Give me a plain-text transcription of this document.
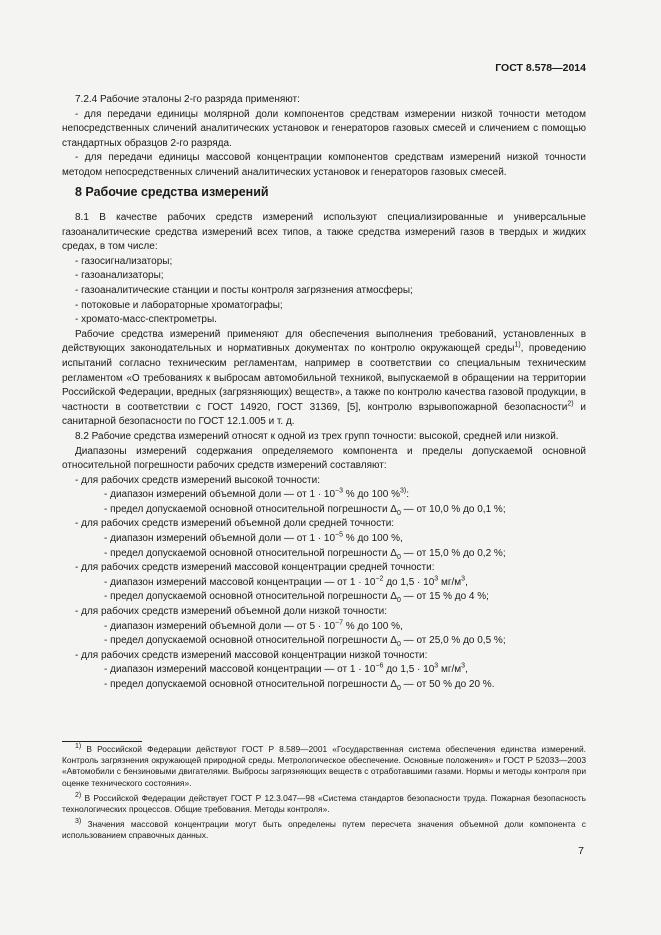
ГОСТ 8.578—2014

7.2.4 Рабочие эталоны 2-го разряда применяют:

- для передачи единицы молярной доли компонентов средствам измерении низкой точности методом непосредственных сличений аналитических установок и генераторов газовых смесей и сличением с помощью стандартных образцов 2-го разряда.

- для передачи единицы массовой концентрации компонентов средствам измерений низкой точности методом непосредственных сличений аналитических установок и генераторов газовых смесей.

8 Рабочие средства измерений

8.1 В качестве рабочих средств измерений используют специализированные и универсальные газоаналитические средства измерений всех типов, а также средства измерений газов в твердых и жидких средах, в том числе:

- газосигнализаторы;

- газоанализаторы;

- газоаналитические станции и посты контроля загрязнения атмосферы;

- потоковые и лабораторные хроматографы;

- хромато-масс-спектрометры.

Рабочие средства измерений применяют для обеспечения выполнения требований, установленных в действующих законодательных и нормативных документах по контролю окружающей среды$^{1)}$, проведению испытаний согласно техническим регламентам, например в соответствии со специальным техническим регламентом «О требованиях к выбросам автомобильной техникой, выпускаемой в обращении на территории Российской Федерации, вредных (загрязняющих) веществ», а также по контролю качества газовой продукции, в частности в соответствии с ГОСТ 14920, ГОСТ 31369, [5], контролю взрывопожарной безопасности$^{2)}$ и санитарной безопасности по ГОСТ 12.1.005 и т. д.

8.2 Рабочие средства измерений относят к одной из трех групп точности: высокой, средней или низкой.

Диапазоны измерений содержания определяемого компонента и пределы допускаемой основной относительной погрешности рабочих средств измерений составляют:

- для рабочих средств измерений высокой точности:

- диапазон измерений объемной доли — от $1 \cdot 10^{-3}$ % до 100 %$^{3)}$:

- предел допускаемой основной относительной погрешности $\Delta_0$ — от 10,0 % до 0,1 %;

- для рабочих средств измерений объемной доли средней точности:

- диапазон измерений объемной доли — от $1 \cdot 10^{-5}$ % до 100 %,

- предел допускаемой основной относительной погрешности $\Delta_0$ — от 15,0 % до 0,2 %;

- для рабочих средств измерений массовой концентрации средней точности:

- диапазон измерений массовой концентрации — от $1 \cdot 10^{-2}$ до $1,5 \cdot 10^3$ $мг/м^3$,

- предел допускаемой основной относительной погрешности $\Delta_0$ — от 15 % до 4 %;

- для рабочих средств измерений объемной доли низкой точности:

- диапазон измерений объемной доли — от $5 \cdot 10^{-7}$ % до 100 %,

- предел допускаемой основной относительной погрешности $\Delta_0$ — от 25,0 % до 0,5 %;

- для рабочих средств измерений массовой концентрации низкой точности:

- диапазон измерений массовой концентрации — от $1 \cdot 10^{-6}$ до $1,5 \cdot 10^3$ $мг/м^3$,

- предел допускаемой основной относительной погрешности $\Delta_0$ — от 50 % до 20 %.

$^{1)}$ В Российской Федерации действуют ГОСТ Р 8.589—2001 «Государственная система обеспечения единства измерений. Контроль загрязнения окружающей природной среды. Метрологическое обеспечение. Основные положения» и ГОСТ Р 52033—2003 «Автомобили с бензиновыми двигателями. Выбросы загрязняющих веществ с отработавшими газами. Нормы и методы контроля при оценке технического состояния».

$^{2)}$ В Российской Федерации действует ГОСТ Р 12.3.047—98 «Система стандартов безопасности труда. Пожарная безопасность технологических процессов. Общие требования. Методы контроля».

$^{3)}$ Значения массовой концентрации могут быть определены путем пересчета значения объемной доли компонента с использованием справочных данных.

7
